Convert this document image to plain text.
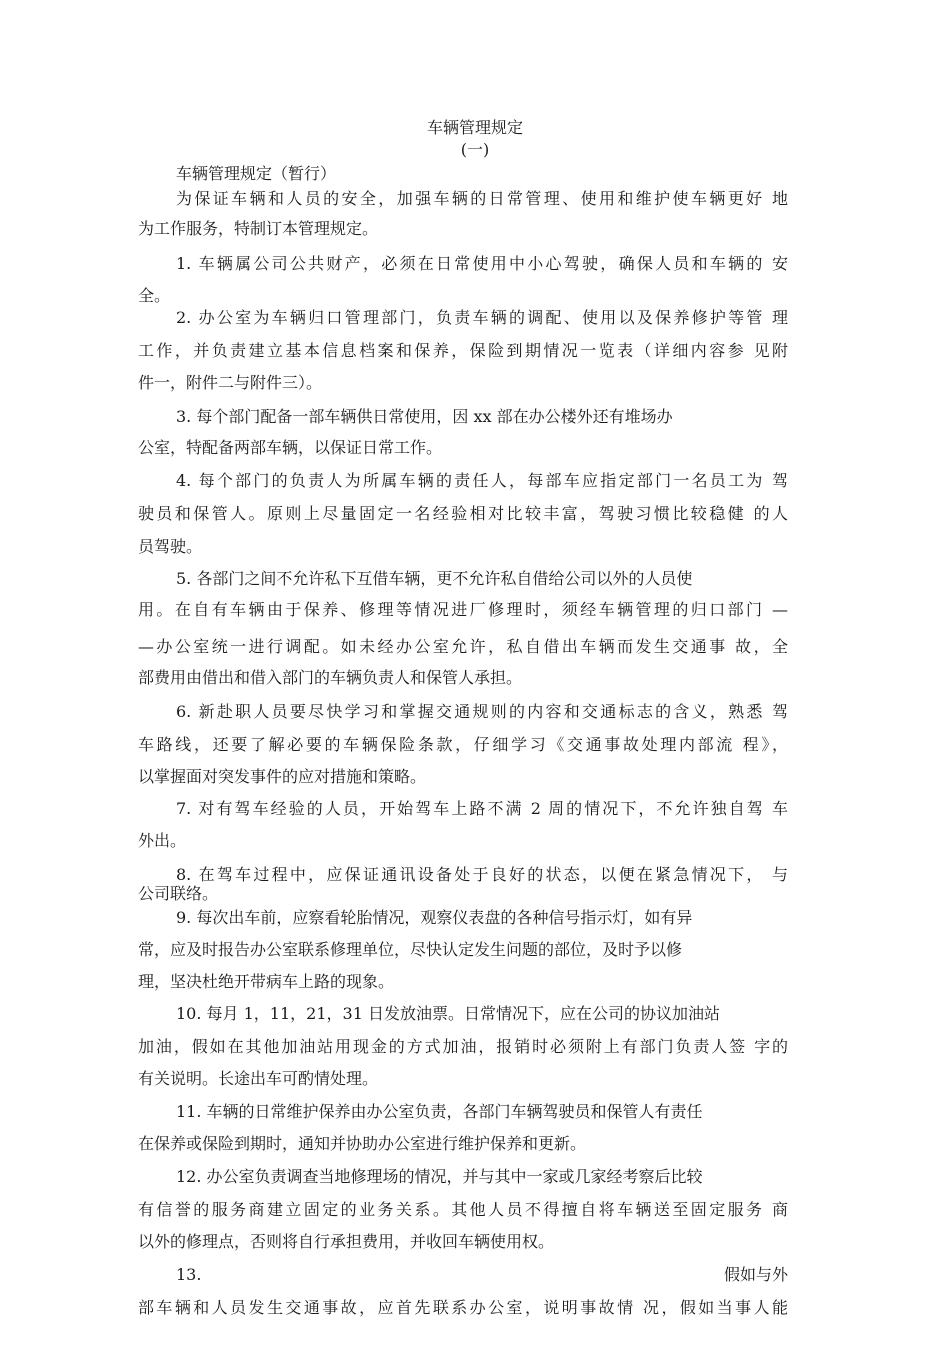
车辆管理规定
(一)
车辆管理规定（暂行）
为保证车辆和人员的安全，加强车辆的日常管理、使用和维护使车辆更好 地
为工作服务，特制订本管理规定。
1. 车辆属公司公共财产，必须在日常使用中小心驾驶，确保人员和车辆的 安
全。
2. 办公室为车辆归口管理部门，负责车辆的调配、使用以及保养修护等管 理
工作，并负责建立基本信息档案和保养，保险到期情况一览表（详细内容参 见附
件一，附件二与附件三）。
3. 每个部门配备一部车辆供日常使用，因 xx 部在办公楼外还有堆场办
公室，特配备两部车辆，以保证日常工作。
4. 每个部门的负责人为所属车辆的责任人，每部车应指定部门一名员工为 驾
驶员和保管人。原则上尽量固定一名经验相对比较丰富，驾驶习惯比较稳健 的人
员驾驶。
5. 各部门之间不允许私下互借车辆，更不允许私自借给公司以外的人员使
用。在自有车辆由于保养、修理等情况进厂修理时，须经车辆管理的归口部门 —
—办公室统一进行调配。如未经办公室允许，私自借出车辆而发生交通事 故，全
部费用由借出和借入部门的车辆负责人和保管人承担。
6. 新赴职人员要尽快学习和掌握交通规则的内容和交通标志的含义，熟悉 驾
车路线，还要了解必要的车辆保险条款，仔细学习《交通事故处理内部流 程》，
以掌握面对突发事件的应对措施和策略。
7. 对有驾车经验的人员，开始驾车上路不满 2 周的情况下，不允许独自驾 车
外出。
8. 在驾车过程中，应保证通讯设备处于良好的状态，以便在紧急情况下， 与
公司联络。
9. 每次出车前，应察看轮胎情况，观察仪表盘的各种信号指示灯，如有异
常，应及时报告办公室联系修理单位，尽快认定发生问题的部位，及时予以修
理，坚决杜绝开带病车上路的现象。
10. 每月 1，11，21，31 日发放油票。日常情况下，应在公司的协议加油站
加油，假如在其他加油站用现金的方式加油，报销时必须附上有部门负责人签 字的
有关说明。长途出车可酌情处理。
11. 车辆的日常维护保养由办公室负责，各部门车辆驾驶员和保管人有责任
在保养或保险到期时，通知并协助办公室进行维护保养和更新。
12. 办公室负责调查当地修理场的情况，并与其中一家或几家经考察后比较
有信誉的服务商建立固定的业务关系。其他人员不得擅自将车辆送至固定服务 商
以外的修理点，否则将自行承担费用，并收回车辆使用权。
13.	假如与外
部车辆和人员发生交通事故，应首先联系办公室，说明事故情 况，假如当事人能
